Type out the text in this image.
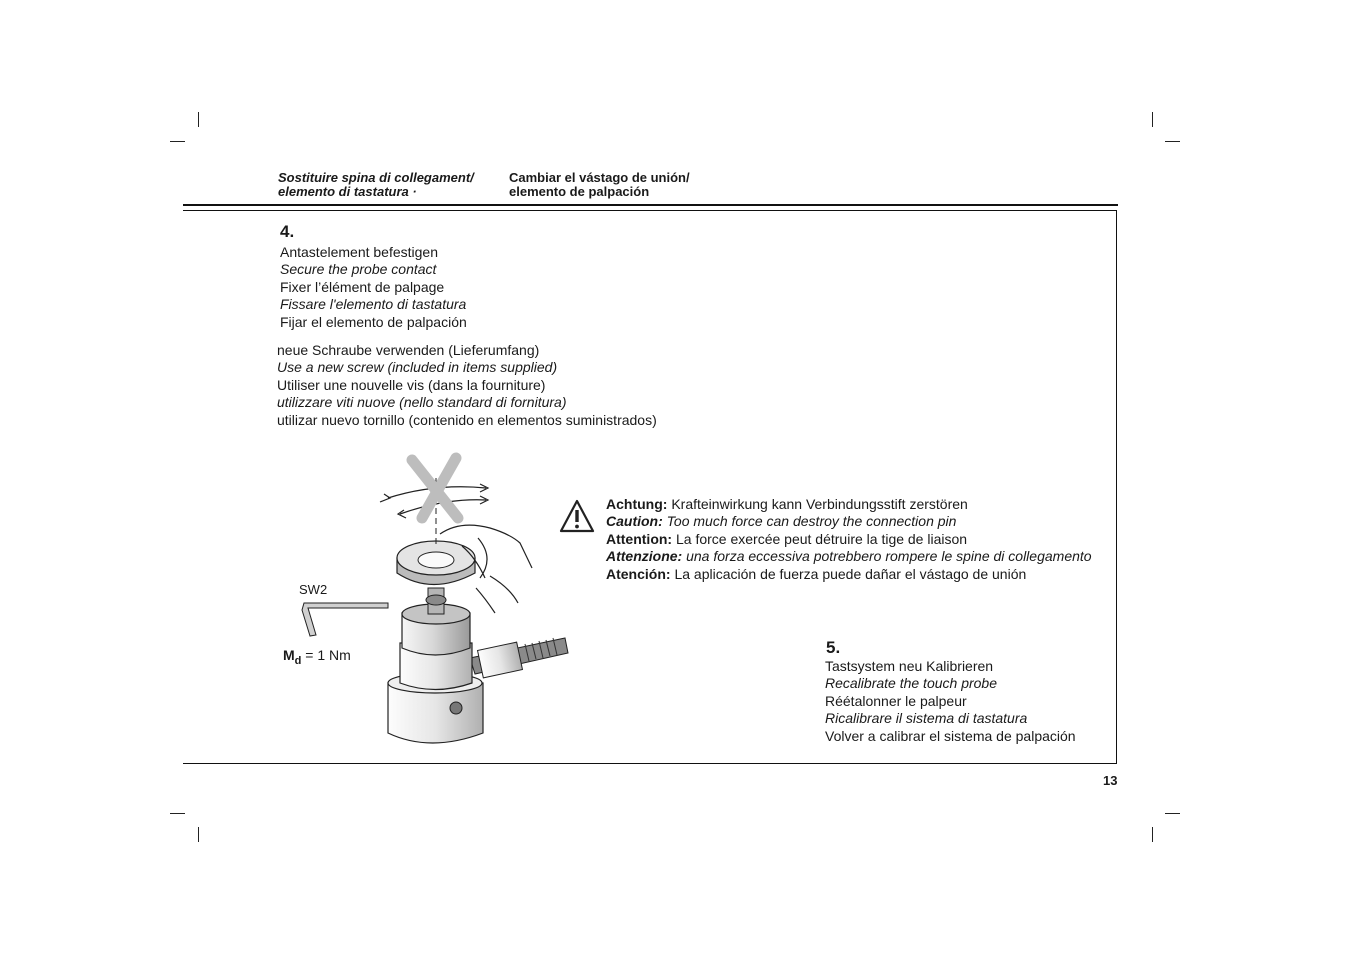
Sostituire spina di collegament/
elemento di tastatura ·
Cambiar el vástago de unión/
elemento de palpación
4.
Antastelement befestigen
Secure the probe contact
Fixer l’élément de palpage
Fissare l'elemento di tastatura
Fijar el elemento de palpación
neue Schraube verwenden (Lieferumfang)
Use a new screw (included in items supplied)
Utiliser une nouvelle vis (dans la fourniture)
utilizzare viti nuove (nello standard di fornitura)
utilizar nuevo tornillo (contenido en elementos suministrados)
SW2
$M_d = 1$ Nm
Achtung: Krafteinwirkung kann Verbindungsstift zerstören
Caution: Too much force can destroy the connection pin
Attention: La force exercée peut détruire la tige de liaison
Attenzione: una forza eccessiva potrebbero rompere le spine di collegamento
Atención: La aplicación de fuerza puede dañar el vástago de unión
5.
Tastsystem neu Kalibrieren
Recalibrate the touch probe
Réétalonner le palpeur
Ricalibrare il sistema di tastatura
Volver a calibrar el sistema de palpación
13
